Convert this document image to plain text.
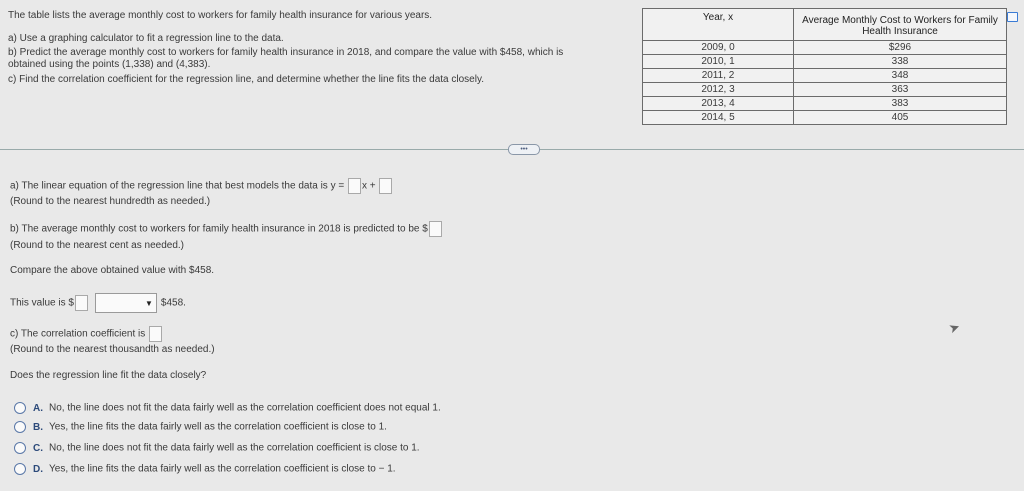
The table lists the average monthly cost to workers for family health insurance for various years.
a) Use a graphing calculator to fit a regression line to the data.
b) Predict the average monthly cost to workers for family health insurance in 2018, and compare the value with $458, which is
obtained using the points (1,338) and (4,383).
c) Find the correlation coefficient for the regression line, and determine whether the line fits the data closely.
Year, x	Average Monthly Cost to Workers for Family Health Insurance
2009, 0	$296
2010, 1	338
2011, 2	348
2012, 3	363
2013, 4	383
2014, 5	405
•••
a) The linear equation of the regression line that best models the data is y = x +
(Round to the nearest hundredth as needed.)
b) The average monthly cost to workers for family health insurance in 2018 is predicted to be $
(Round to the nearest cent as needed.)
Compare the above obtained value with $458.
This value is $	▼ $458.
c) The correlation coefficient is
(Round to the nearest thousandth as needed.)
Does the regression line fit the data closely?
A. No, the line does not fit the data fairly well as the correlation coefficient does not equal 1.
B. Yes, the line fits the data fairly well as the correlation coefficient is close to 1.
C. No, the line does not fit the data fairly well as the correlation coefficient is close to 1.
D. Yes, the line fits the data fairly well as the correlation coefficient is close to − 1.
➤
